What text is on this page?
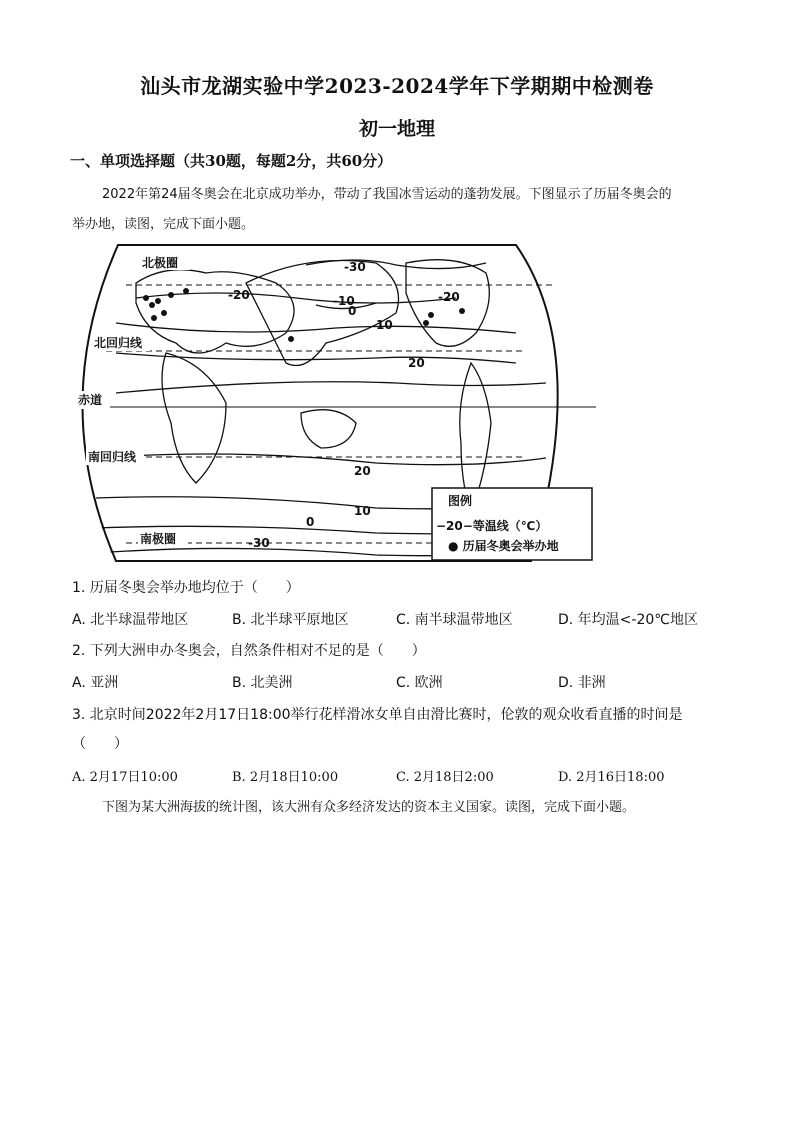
汕头市龙湖实验中学2023-2024学年下学期期中检测卷
初一地理
一、单项选择题（共30题，每题2分，共60分）
2022年第24届冬奥会在北京成功举办，带动了我国冰雪运动的蓬勃发展。下图显示了历届冬奥会的
举办地，读图，完成下面小题。
-30
-20	-10
0
10
20
-20
20
10
0
-30
北极圈
北回归线
赤道
南回归线
南极圈
图例
−20−等温线（℃）
● 历届冬奥会举办地
1. 历届冬奥会举办地均位于（　　）
A. 北半球温带地区	B. 北半球平原地区	C. 南半球温带地区	D. 年均温<-20℃地区
2. 下列大洲申办冬奥会，自然条件相对不足的是（　　）
A. 亚洲	B. 北美洲	C. 欧洲	D. 非洲
3. 北京时间2022年2月17日18:00举行花样滑冰女单自由滑比赛时，伦敦的观众收看直播的时间是
（　　）
A. 2月17日10:00	B. 2月18日10:00	C. 2月18日2:00	D. 2月16日18:00
下图为某大洲海拔的统计图，该大洲有众多经济发达的资本主义国家。读图，完成下面小题。
